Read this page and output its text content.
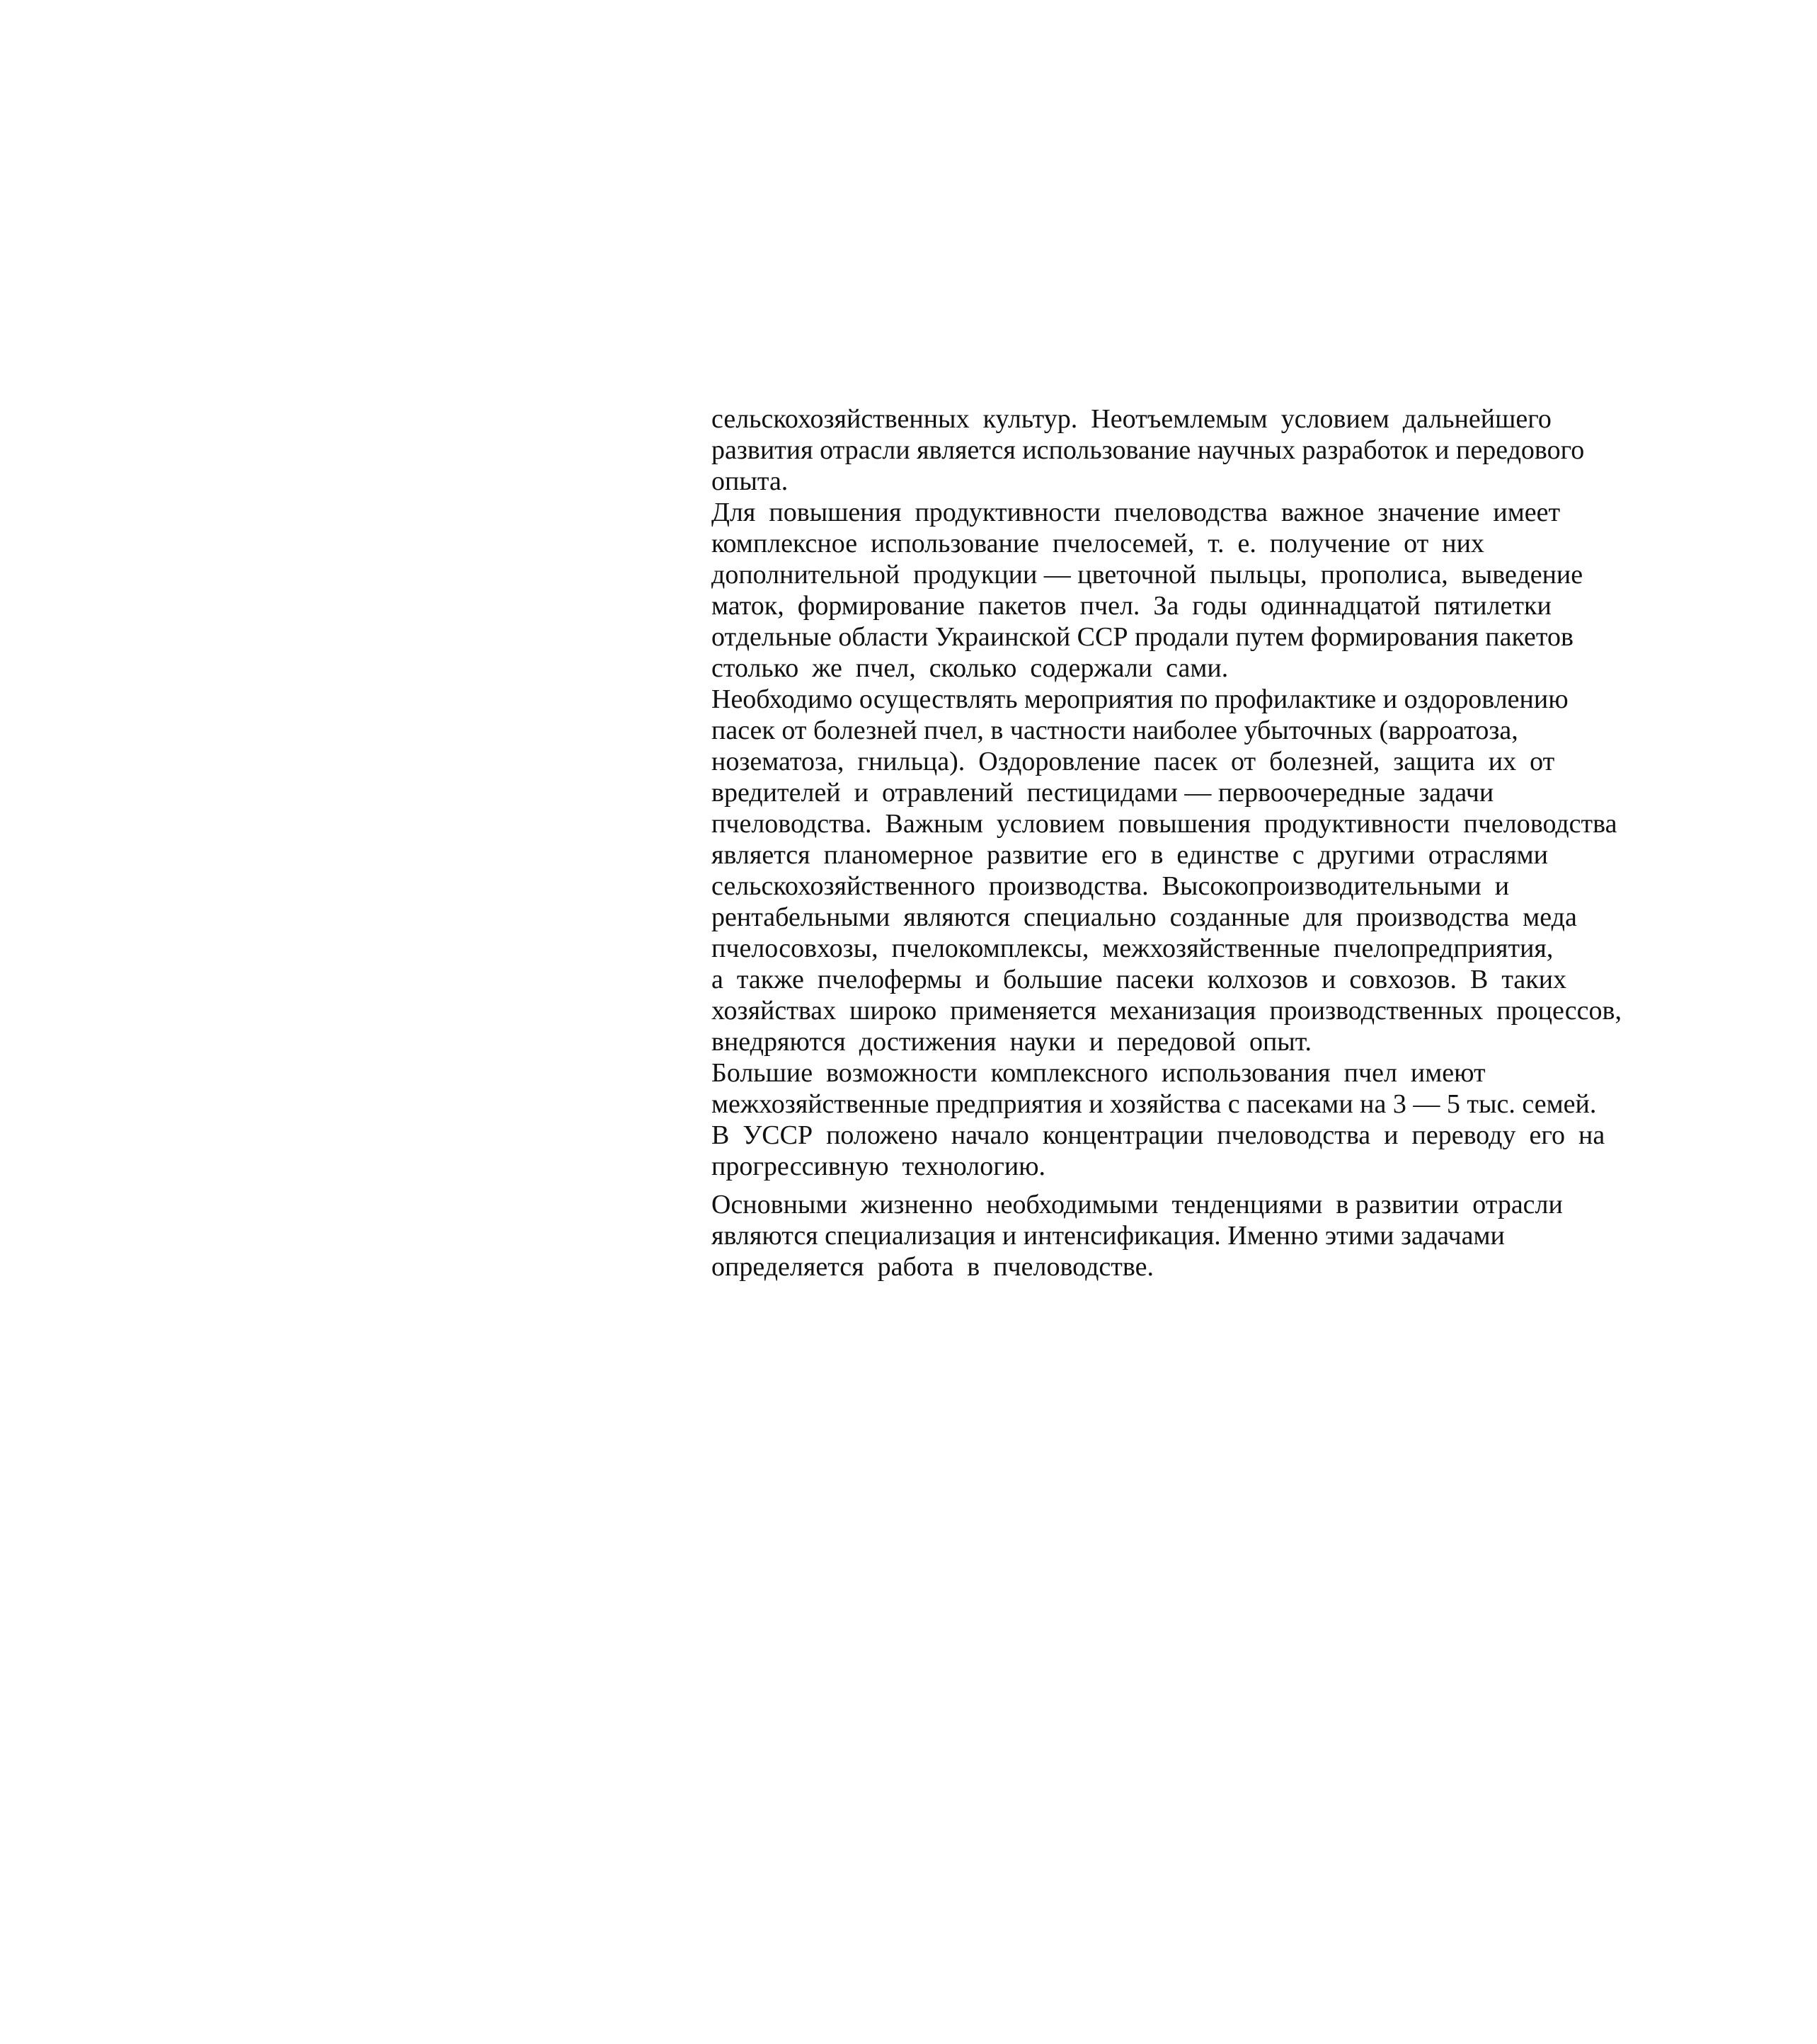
сельскохозяйственных  культур.  Неотъемлемым  условием  дальнейшего
развития отрасли является использование научных разработок и передового
опыта.
Для  повышения  продуктивности  пчеловодства  важное  значение  имеет
комплексное  использование  пчелосемей,  т.  е.  получение  от  них
дополнительной  продукции — цветочной  пыльцы,  прополиса,  выведение
маток,  формирование  пакетов  пчел.  За  годы  одиннадцатой  пятилетки
отдельные области Украинской ССР продали путем формирования пакетов
столько  же  пчел,  сколько  содержали  сами.
Необходимо осуществлять мероприятия по профилактике и оздоровлению
пасек от болезней пчел, в частности наиболее убыточных (варроатоза,
нозематоза,  гнильца).  Оздоровление  пасек  от  болезней,  защита  их  от
вредителей  и  отравлений  пестицидами — первоочередные  задачи
пчеловодства.  Важным  условием  повышения  продуктивности  пчеловодства
является  планомерное  развитие  его  в  единстве  с  другими  отраслями
сельскохозяйственного  производства.  Высокопроизводительными  и
рентабельными  являются  специально  созданные  для  производства  меда
пчелосовхозы,  пчелокомплексы,  межхозяйственные  пчелопредприятия,
а  также  пчелофермы  и  большие  пасеки  колхозов  и  совхозов.  В  таких
хозяйствах  широко  применяется  механизация  производственных  процессов,
внедряются  достижения  науки  и  передовой  опыт.
Большие  возможности  комплексного  использования  пчел  имеют
межхозяйственные предприятия и хозяйства с пасеками на 3 — 5 тыс. семей.
В  УССР  положено  начало  концентрации  пчеловодства  и  переводу  его  на
прогрессивную  технологию.
Основными  жизненно  необходимыми  тенденциями  в развитии  отрасли
являются специализация и интенсификация. Именно этими задачами
определяется  работа  в  пчеловодстве.
